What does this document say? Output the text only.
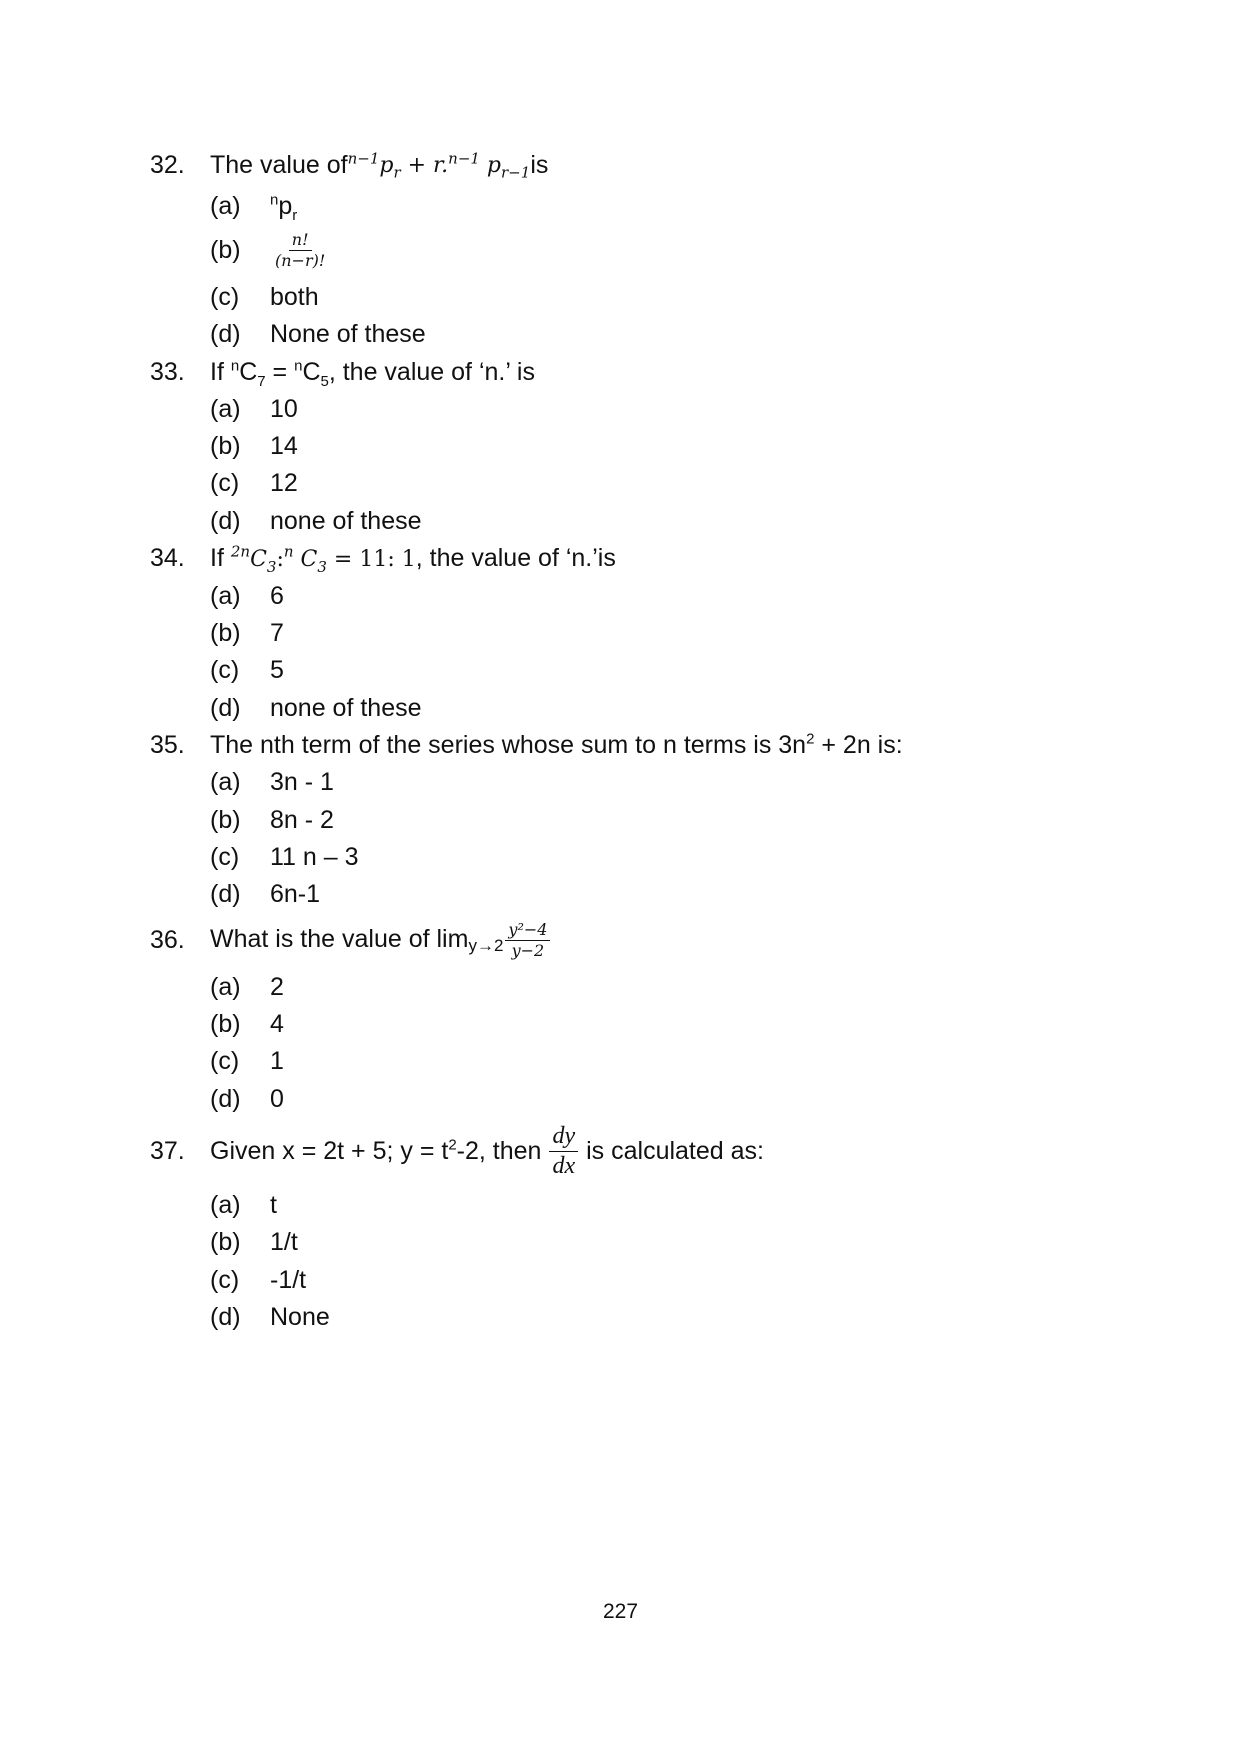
32.	The value of $^{n-1}p_r + r.^{n-1}$ $p_{r-1}$ is
(a)	$^np_r$
(b)	$\frac{n!}{(n-r)!}$
(c)	both
(d)	None of these
33.	If $^nC_7 = ^nC_5$, the value of ‘n.’ is
(a)	10
(b)	14
(c)	12
(d)	none of these
34.	If $^{2n}C_3:^n$ $C_3 = 11$: 1, the value of ‘n.’is
(a)	6
(b)	7
(c)	5
(d)	none of these
35.	The nth term of the series whose sum to n terms is $3n^2 + 2n$ is:
(a)	3n - 1
(b)	8n - 2
(c)	11 n – 3
(d)	6n-1
36.	What is the value of $\lim y\to 2 \frac{\text{y²−4}}{y-2}$
(a)	2
(b)	4
(c)	1
(d)	0
37.	Given x = 2t + 5; $y = t^2-2$, then $\frac{dy}{dx}$ is calculated as:
(a)	t
(b)	1/t
(c)	-1/t
(d)	None
227
